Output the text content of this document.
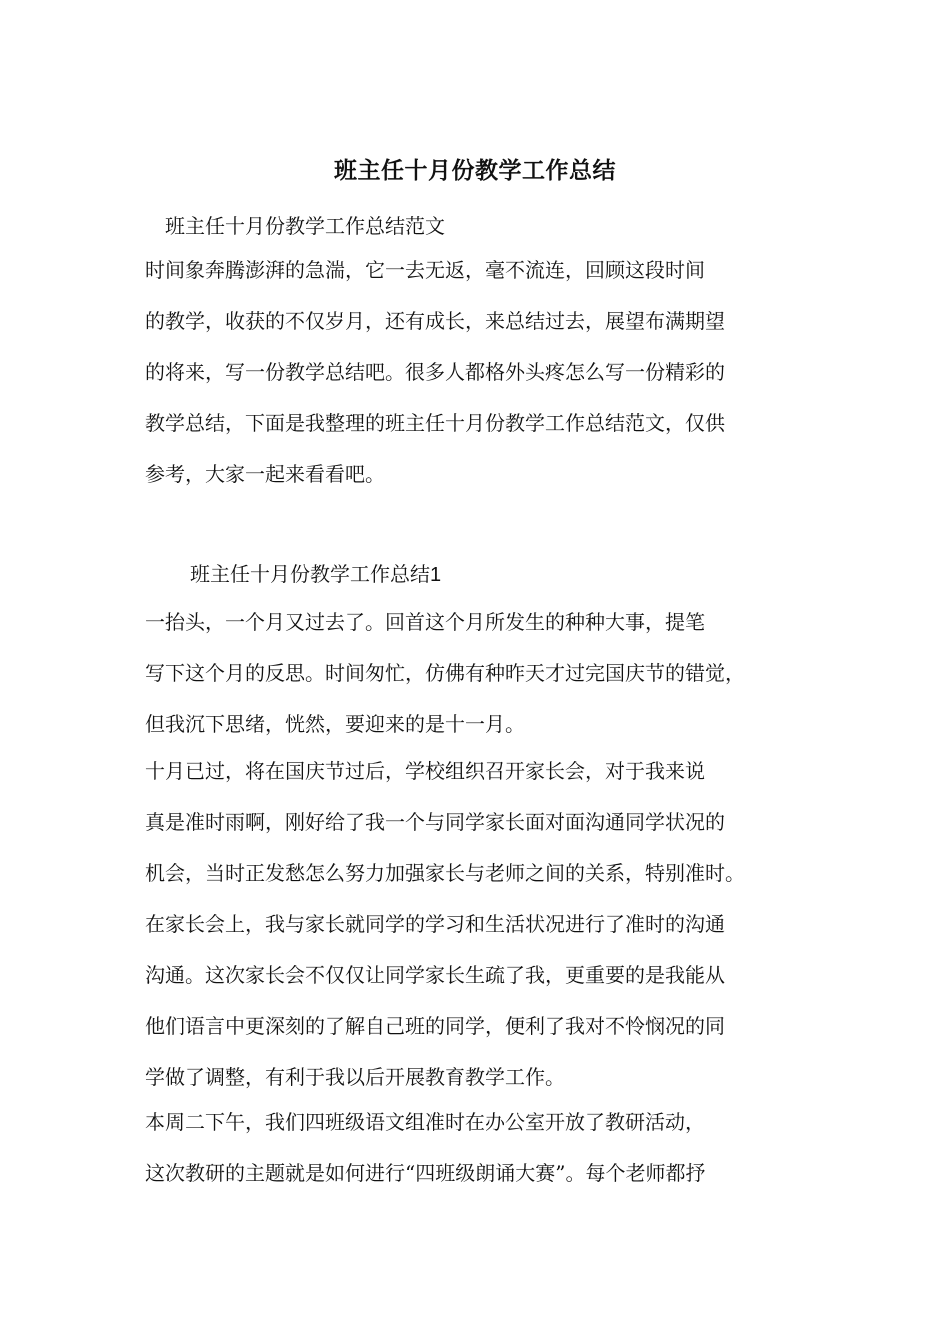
班主任十月份教学工作总结
班主任十月份教学工作总结范文
时间象奔腾澎湃的急湍，它一去无返，毫不流连，回顾这段时间
的教学，收获的不仅岁月，还有成长，来总结过去，展望布满期望
的将来，写一份教学总结吧。很多人都格外头疼怎么写一份精彩的
教学总结，下面是我整理的班主任十月份教学工作总结范文，仅供
参考，大家一起来看看吧。
班主任十月份教学工作总结1
一抬头，一个月又过去了。回首这个月所发生的种种大事，提笔
写下这个月的反思。时间匆忙，仿佛有种昨天才过完国庆节的错觉，
但我沉下思绪，恍然，要迎来的是十一月。
十月已过，将在国庆节过后，学校组织召开家长会，对于我来说
真是准时雨啊，刚好给了我一个与同学家长面对面沟通同学状况的
机会，当时正发愁怎么努力加强家长与老师之间的关系，特别准时。
在家长会上，我与家长就同学的学习和生活状况进行了准时的沟通
沟通。这次家长会不仅仅让同学家长生疏了我，更重要的是我能从
他们语言中更深刻的了解自己班的同学，便利了我对不怜悯况的同
学做了调整，有利于我以后开展教育教学工作。
本周二下午，我们四班级语文组准时在办公室开放了教研活动，
这次教研的主题就是如何进行“四班级朗诵大赛”。每个老师都抒
